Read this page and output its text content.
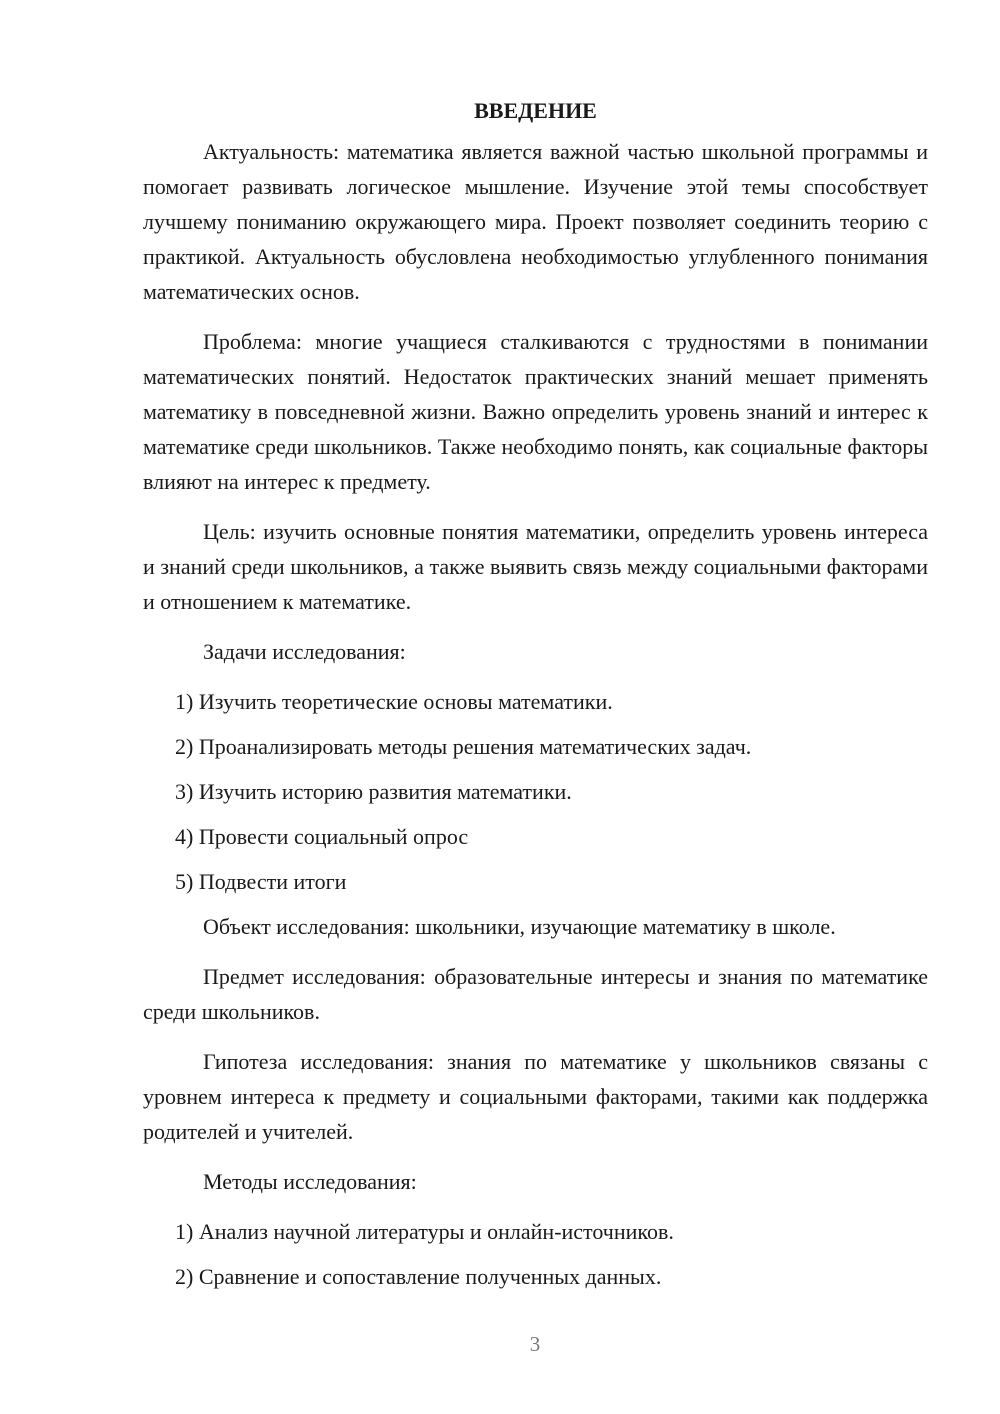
ВВЕДЕНИЕ

Актуальность: математика является важной частью школьной программы и помогает развивать логическое мышление. Изучение этой темы способствует лучшему пониманию окружающего мира. Проект позволяет соединить теорию с практикой. Актуальность обусловлена необходимостью углубленного понимания математических основ.

Проблема: многие учащиеся сталкиваются с трудностями в понимании математических понятий. Недостаток практических знаний мешает применять математику в повседневной жизни. Важно определить уровень знаний и интерес к математике среди школьников. Также необходимо понять, как социальные факторы влияют на интерес к предмету.

Цель: изучить основные понятия математики, определить уровень интереса и знаний среди школьников, а также выявить связь между социальными факторами и отношением к математике.

Задачи исследования:

1) Изучить теоретические основы математики.
2) Проанализировать методы решения математических задач.
3) Изучить историю развития математики.
4) Провести социальный опрос
5) Подвести итоги

Объект исследования: школьники, изучающие математику в школе.

Предмет исследования: образовательные интересы и знания по математике среди школьников.

Гипотеза исследования: знания по математике у школьников связаны с уровнем интереса к предмету и социальными факторами, такими как поддержка родителей и учителей.

Методы исследования:

1) Анализ научной литературы и онлайн-источников.
2) Сравнение и сопоставление полученных данных.
3
